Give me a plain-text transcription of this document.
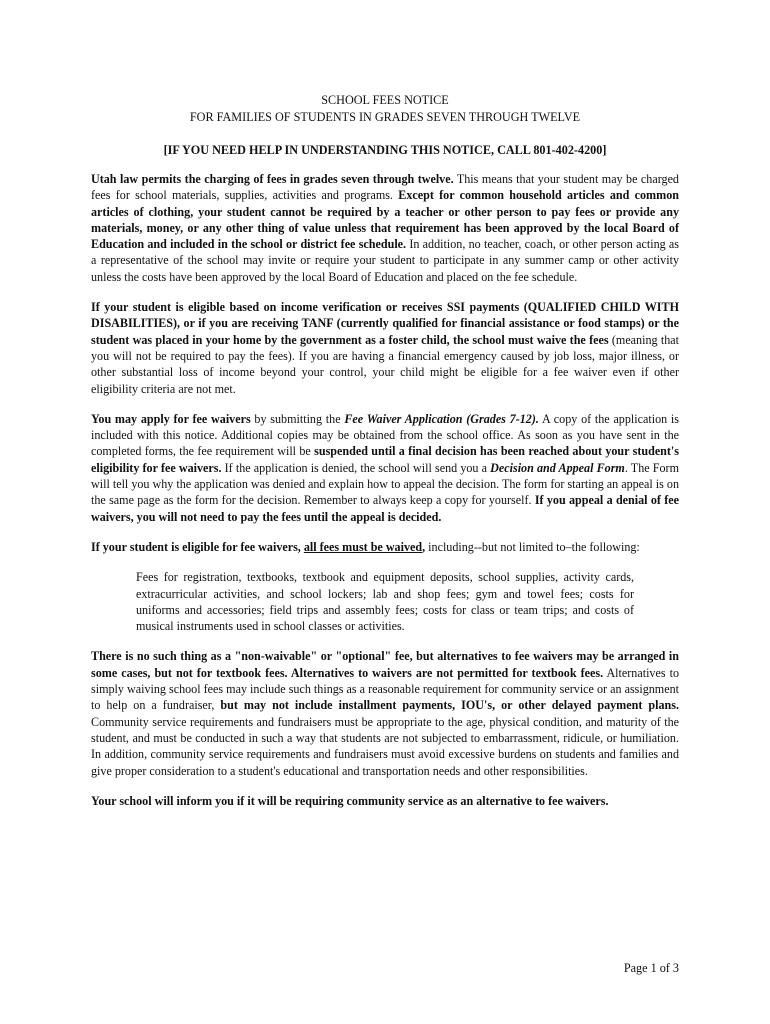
SCHOOL FEES NOTICE
FOR FAMILIES OF STUDENTS IN GRADES SEVEN THROUGH TWELVE
[IF YOU NEED HELP IN UNDERSTANDING THIS NOTICE, CALL 801-402-4200]

Utah law permits the charging of fees in grades seven through twelve. This means that your student may be charged fees for school materials, supplies, activities and programs. Except for common household articles and common articles of clothing, your student cannot be required by a teacher or other person to pay fees or provide any materials, money, or any other thing of value unless that requirement has been approved by the local Board of Education and included in the school or district fee schedule. In addition, no teacher, coach, or other person acting as a representative of the school may invite or require your student to participate in any summer camp or other activity unless the costs have been approved by the local Board of Education and placed on the fee schedule.

If your student is eligible based on income verification or receives SSI payments (QUALIFIED CHILD WITH DISABILITIES), or if you are receiving TANF (currently qualified for financial assistance or food stamps) or the student was placed in your home by the government as a foster child, the school must waive the fees (meaning that you will not be required to pay the fees). If you are having a financial emergency caused by job loss, major illness, or other substantial loss of income beyond your control, your child might be eligible for a fee waiver even if other eligibility criteria are not met.

You may apply for fee waivers by submitting the Fee Waiver Application (Grades 7-12). A copy of the application is included with this notice. Additional copies may be obtained from the school office. As soon as you have sent in the completed forms, the fee requirement will be suspended until a final decision has been reached about your student's eligibility for fee waivers. If the application is denied, the school will send you a Decision and Appeal Form. The Form will tell you why the application was denied and explain how to appeal the decision. The form for starting an appeal is on the same page as the form for the decision. Remember to always keep a copy for yourself. If you appeal a denial of fee waivers, you will not need to pay the fees until the appeal is decided.

If your student is eligible for fee waivers, all fees must be waived, including--but not limited to–the following:

Fees for registration, textbooks, textbook and equipment deposits, school supplies, activity cards, extracurricular activities, and school lockers; lab and shop fees; gym and towel fees; costs for uniforms and accessories; field trips and assembly fees; costs for class or team trips; and costs of musical instruments used in school classes or activities.

There is no such thing as a "non-waivable" or "optional" fee, but alternatives to fee waivers may be arranged in some cases, but not for textbook fees. Alternatives to waivers are not permitted for textbook fees. Alternatives to simply waiving school fees may include such things as a reasonable requirement for community service or an assignment to help on a fundraiser, but may not include installment payments, IOU's, or other delayed payment plans. Community service requirements and fundraisers must be appropriate to the age, physical condition, and maturity of the student, and must be conducted in such a way that students are not subjected to embarrassment, ridicule, or humiliation. In addition, community service requirements and fundraisers must avoid excessive burdens on students and families and give proper consideration to a student's educational and transportation needs and other responsibilities.

Your school will inform you if it will be requiring community service as an alternative to fee waivers.

Page 1 of 3
